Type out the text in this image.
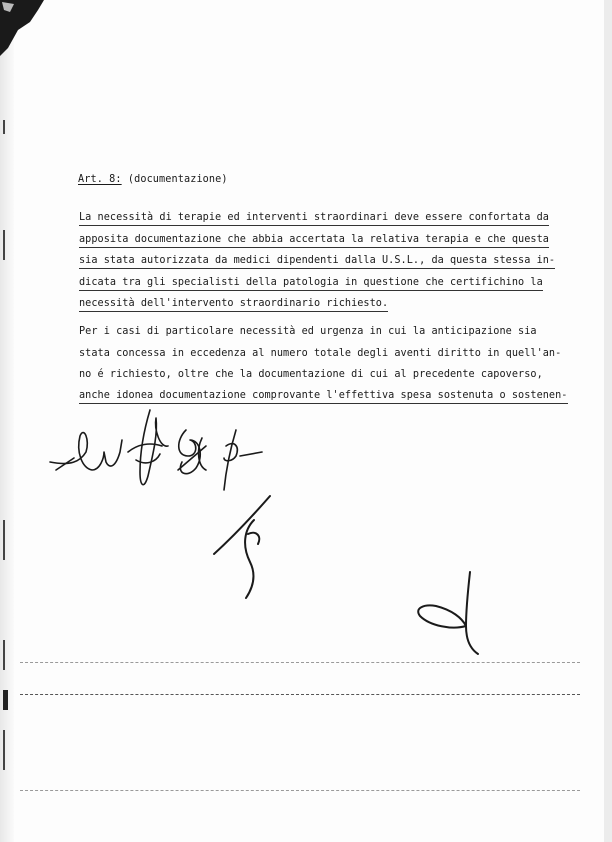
Art. 8: (documentazione)
La necessità di terapie ed interventi straordinari deve essere confortata da
apposita documentazione che abbia accertata la relativa terapia e che questa
sia stata autorizzata da medici dipendenti dalla U.S.L., da questa stessa in-
dicata tra gli specialisti della patologia in questione che certifichino la
necessità dell'intervento straordinario richiesto.
Per i casi di particolare necessità ed urgenza in cui la anticipazione sia
stata concessa in eccedenza al numero totale degli aventi diritto in quell'an-
no é richiesto, oltre che la documentazione di cui al precedente capoverso,
anche idonea documentazione comprovante l'effettiva spesa sostenuta o sostenen-
